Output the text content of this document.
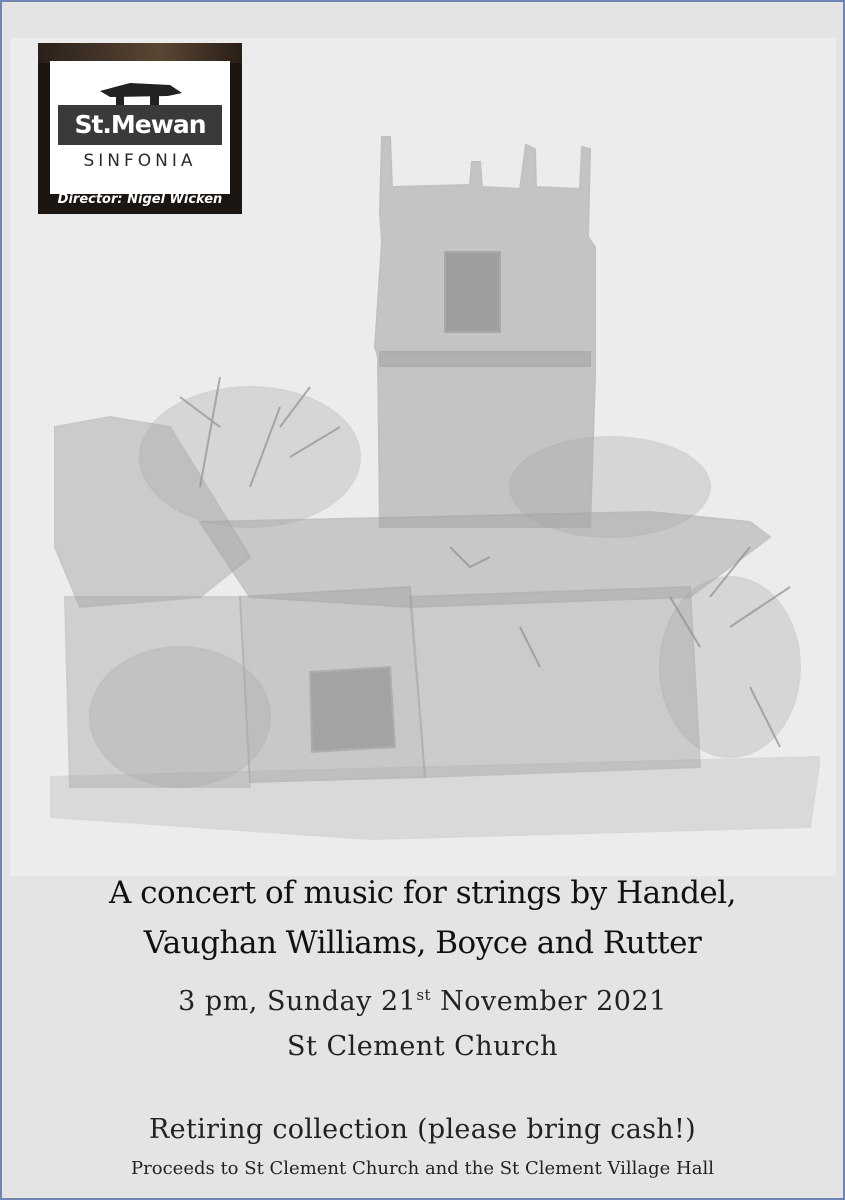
St.Mewan
SINFONIA
Director: Nigel Wicken
A concert of music for strings by Handel,
Vaughan Williams, Boyce and Rutter
3 pm, Sunday 21st November 2021
St Clement Church
Retiring collection (please bring cash!)
Proceeds to St Clement Church and the St Clement Village Hall
